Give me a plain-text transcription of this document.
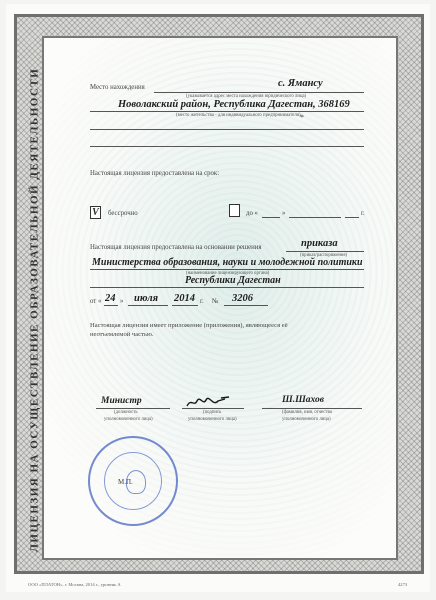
ЛИЦЕНЗИЯ НА ОСУЩЕСТВЛЕНИЕ ОБРАЗОВАТЕЛЬНОЙ ДЕЯТЕЛЬНОСТИ	Место нахождения	с. Ямансу
(указывается адрес места нахождения юридического лица)
Новолакский район, Республика Дагестан, 368169
(место жительства - для индивидуального предпринимателя) *
Настоящая лицензия предоставлена на срок:
V	бессрочно	до «	»	г.
Настоящая лицензия предоставлена на основании решения	приказа
(приказ/распоряжение)
Министерства образования, науки и молодежной политики
(наименование лицензирующего органа)
Республики Дагестан
от « 24 » июля 2014 г. № 3206
Настоящая лицензия имеет приложение (приложения), являющееся её
неотъемлемой частью.
Министр
(должность
уполномоченного лица)
(подпись
уполномоченного лица)
Ш.Шахов
(фамилия, имя, отчество
уполномоченного лица)
М.П.
ООО «ПЛАТОН», г. Москва, 2014 г., уровень А	4273
